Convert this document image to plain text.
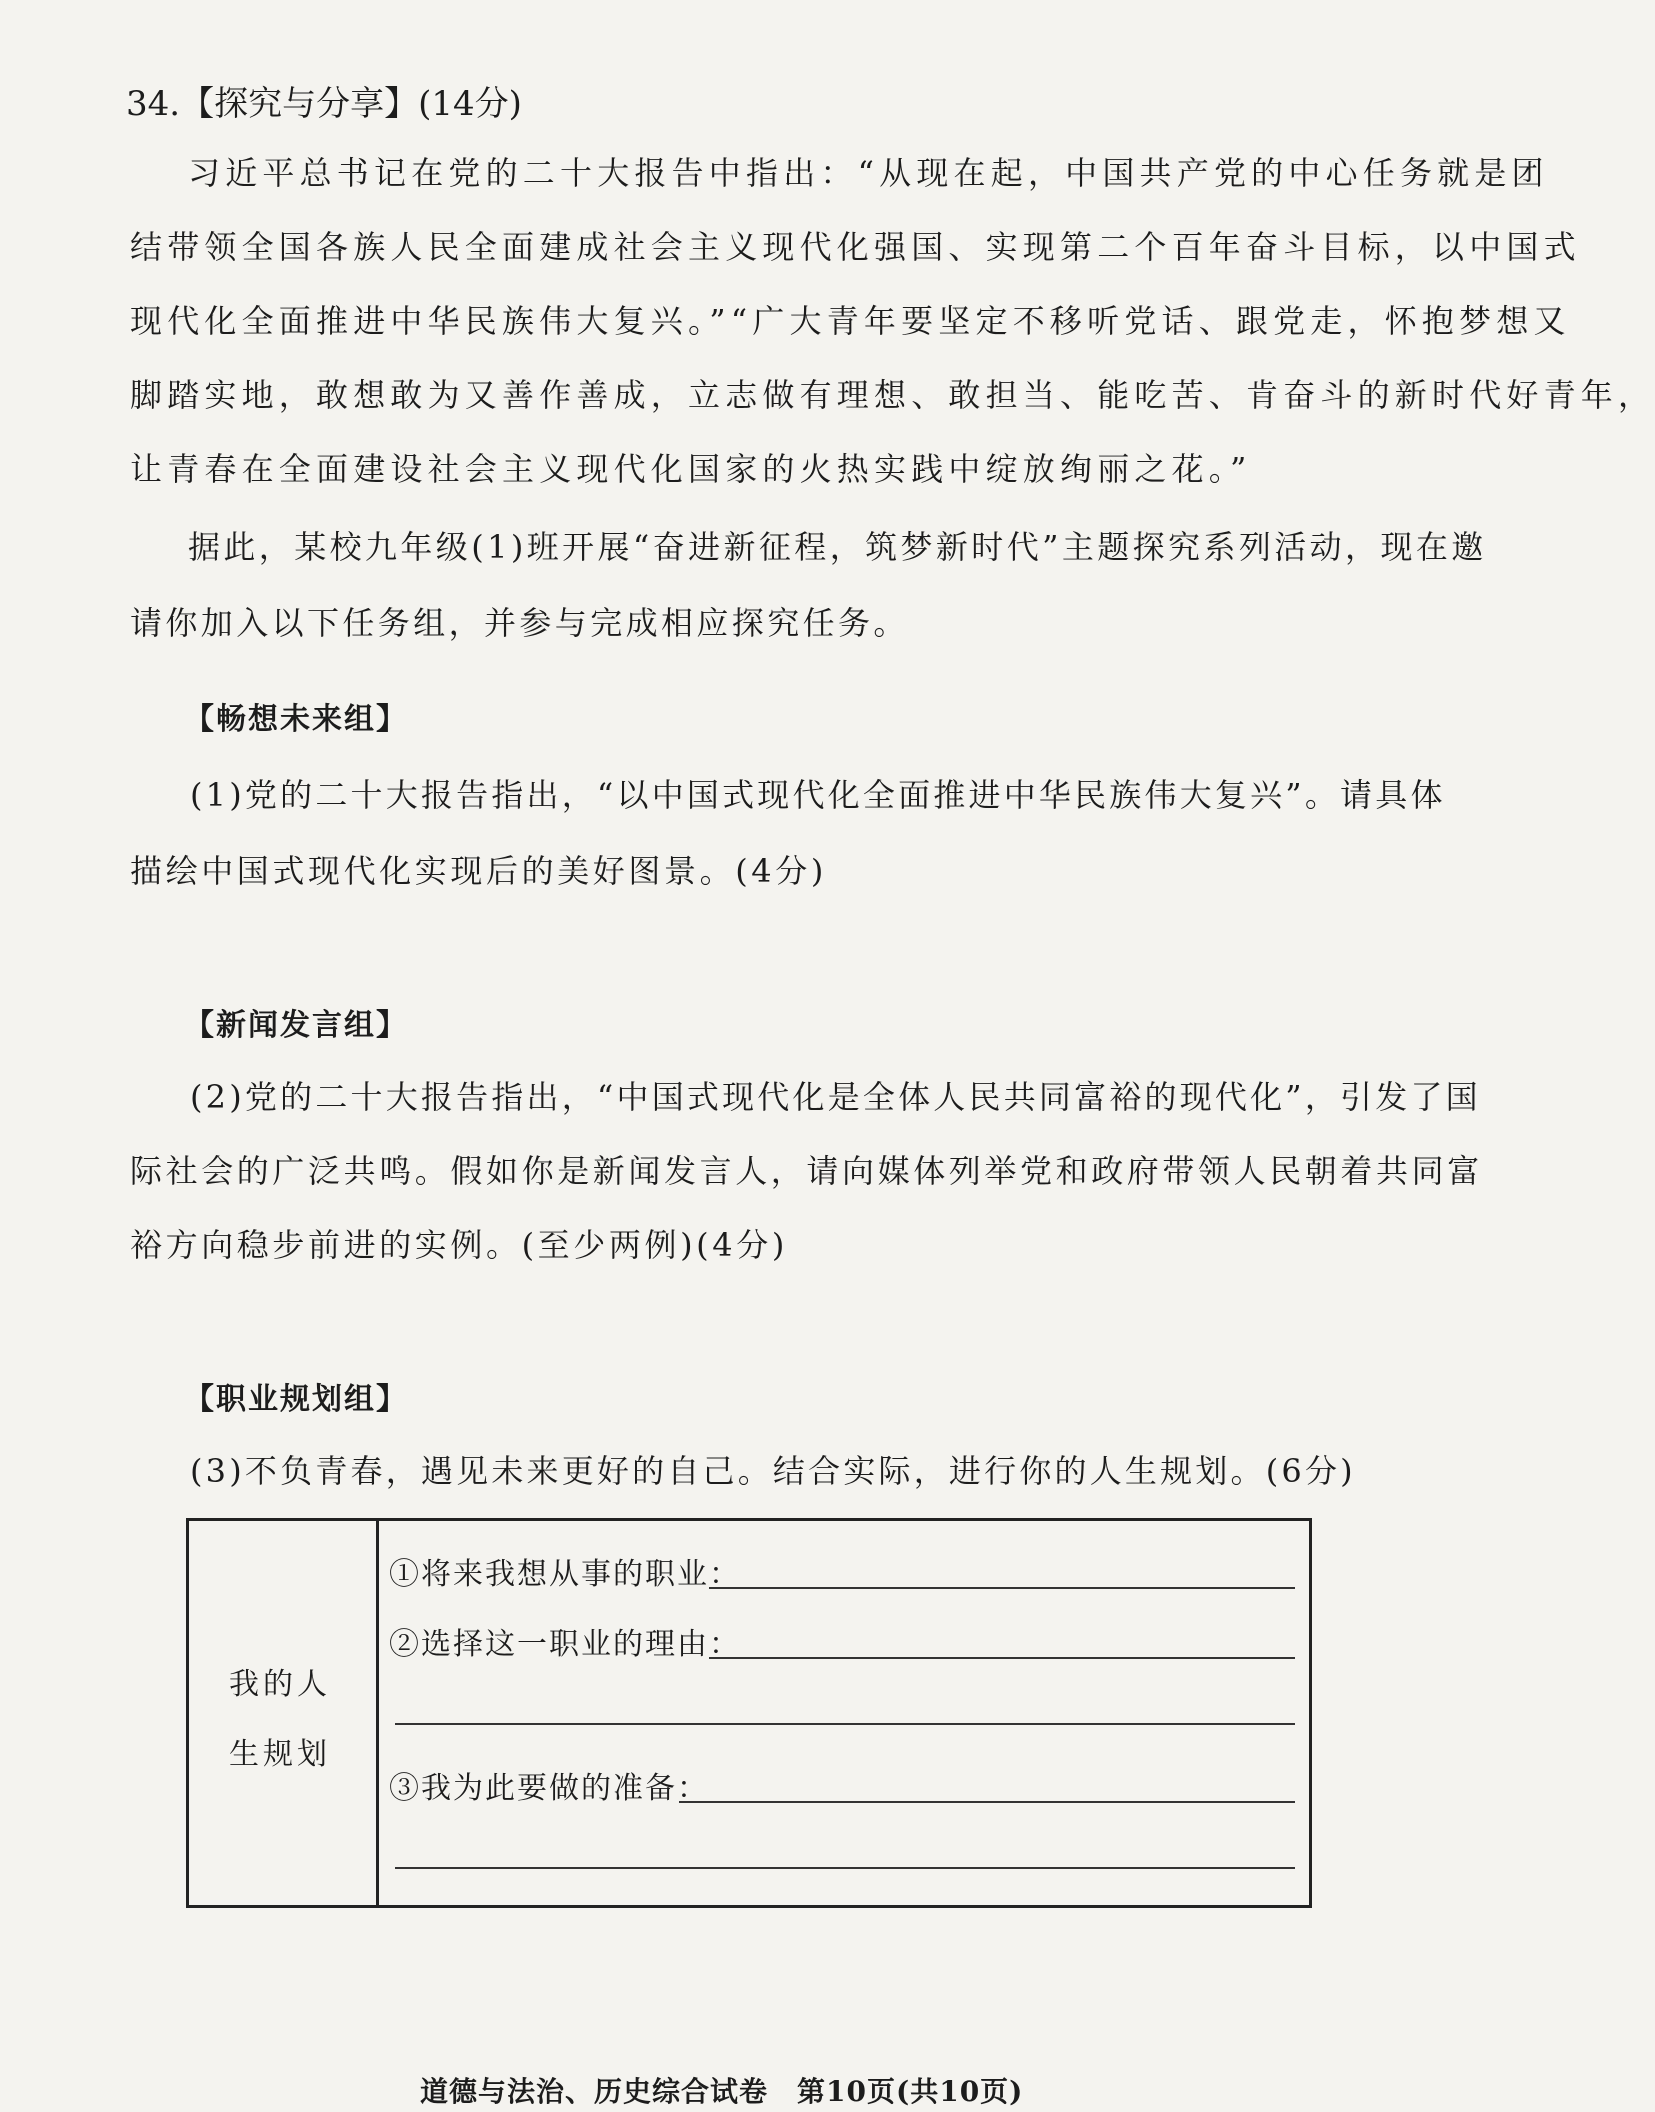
34.【探究与分享】(14分)
习近平总书记在党的二十大报告中指出：“从现在起，中国共产党的中心任务就是团
结带领全国各族人民全面建成社会主义现代化强国、实现第二个百年奋斗目标，以中国式
现代化全面推进中华民族伟大复兴。”“广大青年要坚定不移听党话、跟党走，怀抱梦想又
脚踏实地，敢想敢为又善作善成，立志做有理想、敢担当、能吃苦、肯奋斗的新时代好青年，
让青春在全面建设社会主义现代化国家的火热实践中绽放绚丽之花。”
据此，某校九年级(1)班开展“奋进新征程，筑梦新时代”主题探究系列活动，现在邀
请你加入以下任务组，并参与完成相应探究任务。
【畅想未来组】
(1)党的二十大报告指出，“以中国式现代化全面推进中华民族伟大复兴”。请具体
描绘中国式现代化实现后的美好图景。(4分)
【新闻发言组】
(2)党的二十大报告指出，“中国式现代化是全体人民共同富裕的现代化”，引发了国
际社会的广泛共鸣。假如你是新闻发言人，请向媒体列举党和政府带领人民朝着共同富
裕方向稳步前进的实例。(至少两例)(4分)
【职业规划组】
(3)不负青春，遇见未来更好的自己。结合实际，进行你的人生规划。(6分)
我的人
生规划
①将来我想从事的职业：
②选择这一职业的理由：
③我为此要做的准备：
道德与法治、历史综合试卷　第10页(共10页)
